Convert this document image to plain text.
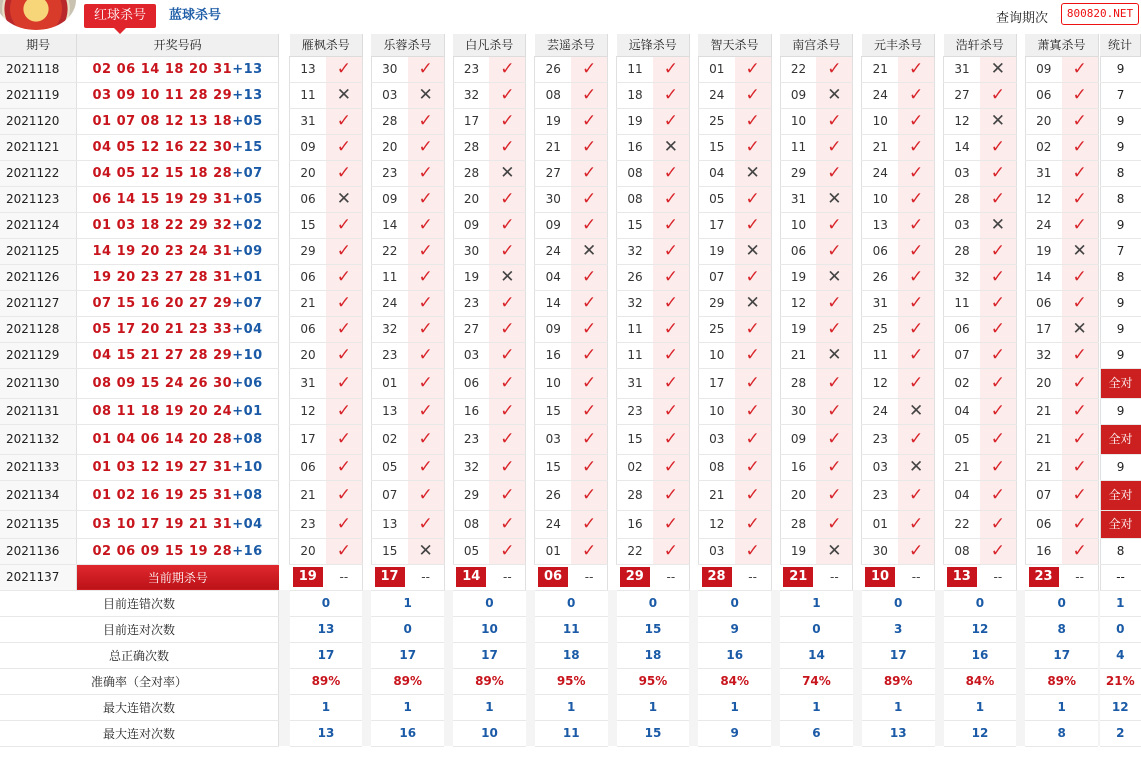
红球杀号	蓝球杀号	查询期次	800820.NET
期号	开奖号码		雁枫杀号			乐蓉杀号			白凡杀号			芸遥杀号			远锋杀号			智天杀号			南宫杀号			元丰杀号			浩轩杀号			萧寘杀号			统计
2021118	02 06 14 18 20 31+13		13	✓		30	✓		23	✓		26	✓		11	✓		01	✓		22	✓		21	✓		31	✕		09	✓		9
2021119	03 09 10 11 28 29+13		11	✕		03	✕		32	✓		08	✓		18	✓		24	✓		09	✕		24	✓		27	✓		06	✓		7
2021120	01 07 08 12 13 18+05		31	✓		28	✓		17	✓		19	✓		19	✓		25	✓		10	✓		10	✓		12	✕		20	✓		9
2021121	04 05 12 16 22 30+15		09	✓		20	✓		28	✓		21	✓		16	✕		15	✓		11	✓		21	✓		14	✓		02	✓		9
2021122	04 05 12 15 18 28+07		20	✓		23	✓		28	✕		27	✓		08	✓		04	✕		29	✓		24	✓		03	✓		31	✓		8
2021123	06 14 15 19 29 31+05		06	✕		09	✓		20	✓		30	✓		08	✓		05	✓		31	✕		10	✓		28	✓		12	✓		8
2021124	01 03 18 22 29 32+02		15	✓		14	✓		09	✓		09	✓		15	✓		17	✓		10	✓		13	✓		03	✕		24	✓		9
2021125	14 19 20 23 24 31+09		29	✓		22	✓		30	✓		24	✕		32	✓		19	✕		06	✓		06	✓		28	✓		19	✕		7
2021126	19 20 23 27 28 31+01		06	✓		11	✓		19	✕		04	✓		26	✓		07	✓		19	✕		26	✓		32	✓		14	✓		8
2021127	07 15 16 20 27 29+07		21	✓		24	✓		23	✓		14	✓		32	✓		29	✕		12	✓		31	✓		11	✓		06	✓		9
2021128	05 17 20 21 23 33+04		06	✓		32	✓		27	✓		09	✓		11	✓		25	✓		19	✓		25	✓		06	✓		17	✕		9
2021129	04 15 21 27 28 29+10		20	✓		23	✓		03	✓		16	✓		11	✓		10	✓		21	✕		11	✓		07	✓		32	✓		9
2021130	08 09 15 24 26 30+06		31	✓		01	✓		06	✓		10	✓		31	✓		17	✓		28	✓		12	✓		02	✓		20	✓		全对
2021131	08 11 18 19 20 24+01		12	✓		13	✓		16	✓		15	✓		23	✓		10	✓		30	✓		24	✕		04	✓		21	✓		9
2021132	01 04 06 14 20 28+08		17	✓		02	✓		23	✓		03	✓		15	✓		03	✓		09	✓		23	✓		05	✓		21	✓		全对
2021133	01 03 12 19 27 31+10		06	✓		05	✓		32	✓		15	✓		02	✓		08	✓		16	✓		03	✕		21	✓		21	✓		9
2021134	01 02 16 19 25 31+08		21	✓		07	✓		29	✓		26	✓		28	✓		21	✓		20	✓		23	✓		04	✓		07	✓		全对
2021135	03 10 17 19 21 31+04		23	✓		13	✓		08	✓		24	✓		16	✓		12	✓		28	✓		01	✓		22	✓		06	✓		全对
2021136	02 06 09 15 19 28+16		20	✓		15	✕		05	✓		01	✓		22	✓		03	✓		19	✕		30	✓		08	✓		16	✓		8
2021137	当前期杀号		19	--		17	--		14	--		06	--		29	--		28	--		21	--		10	--		13	--		23	--		--
目前连错次数			0			1			0			0			0			0			1			0			0			0			1
目前连对次数			13			0			10			11			15			9			0			3			12			8			0
总正确次数			17			17			17			18			18			16			14			17			16			17			4
准确率（全对率）			89%			89%			89%			95%			95%			84%			74%			89%			84%			89%			21%
最大连错次数			1			1			1			1			1			1			1			1			1			1			12
最大连对次数			13			16			10			11			15			9			6			13			12			8			2
